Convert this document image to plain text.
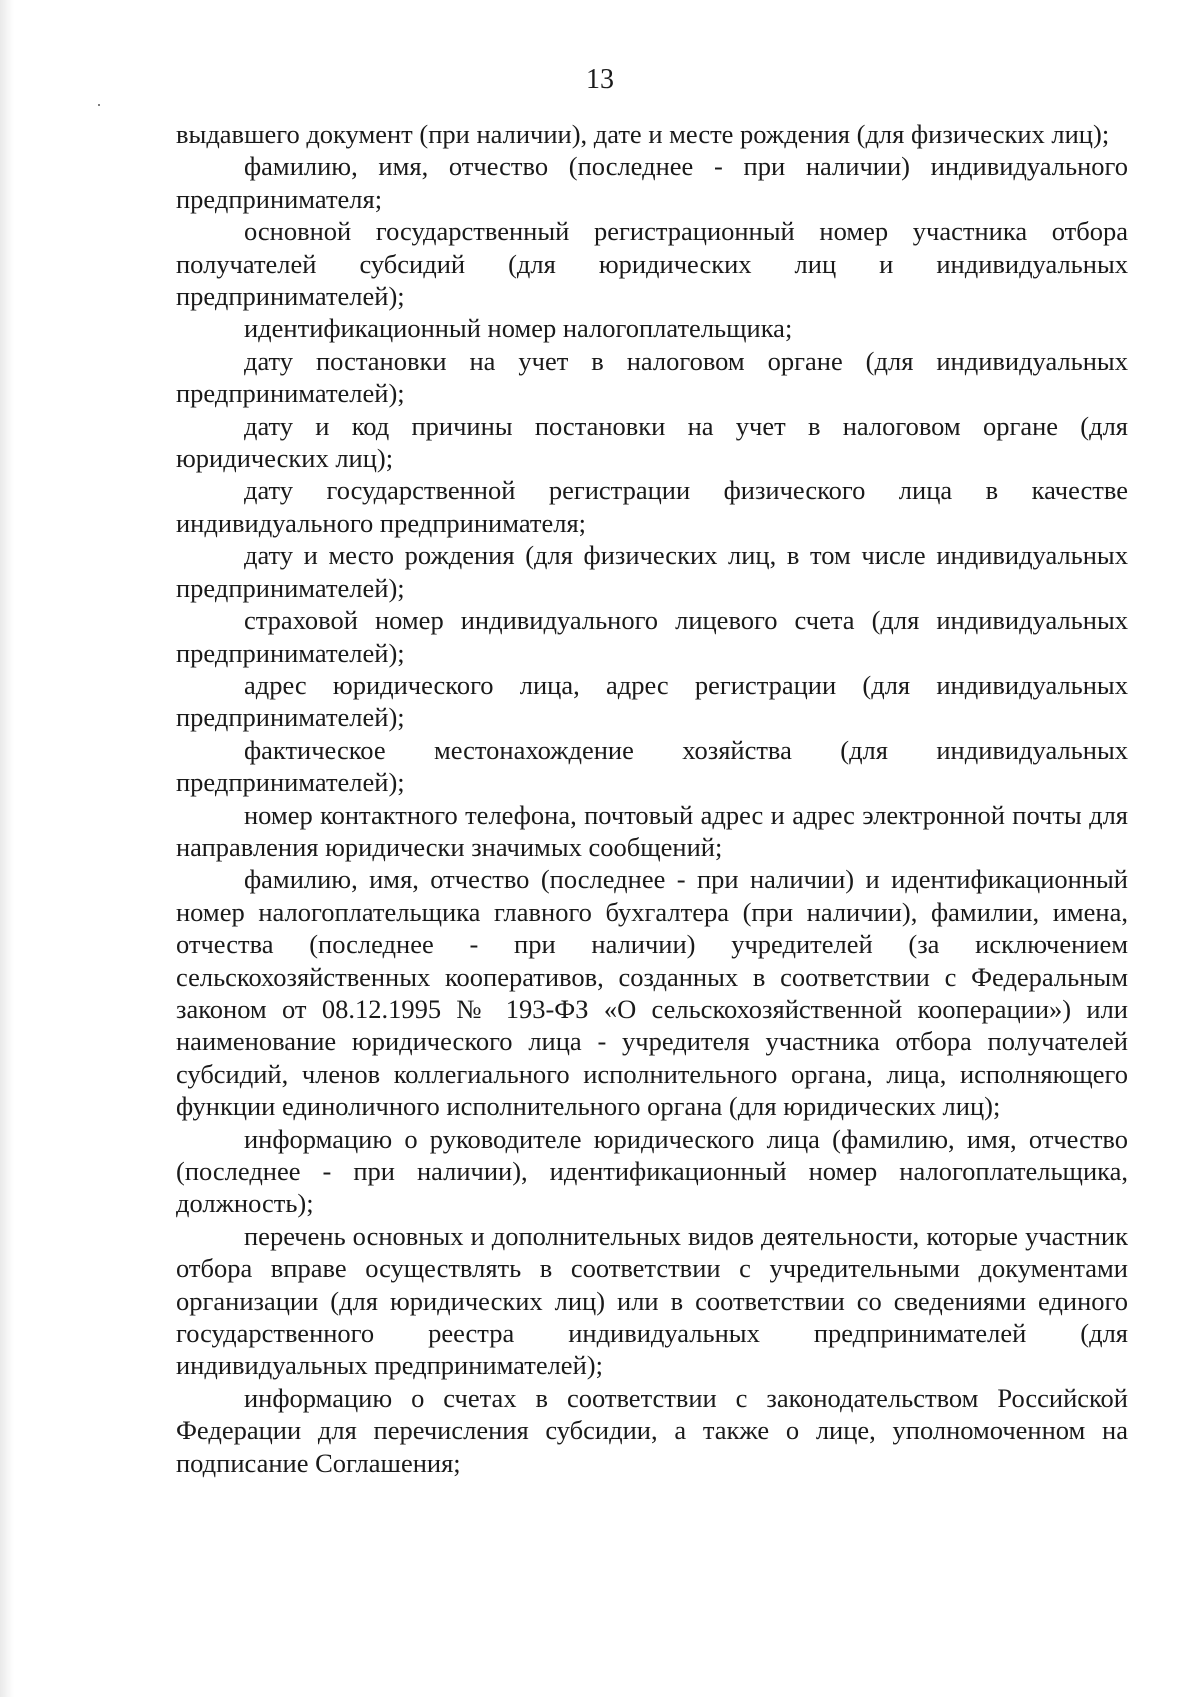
13

выдавшего документ (при наличии), дате и месте рождения (для физических лиц);

фамилию, имя, отчество (последнее - при наличии) индивидуального предпринимателя;

основной государственный регистрационный номер участника отбора получателей субсидий (для юридических лиц и индивидуальных предпринимателей);

идентификационный номер налогоплательщика;

дату постановки на учет в налоговом органе (для индивидуальных предпринимателей);

дату и код причины постановки на учет в налоговом органе (для юридических лиц);

дату государственной регистрации физического лица в качестве индивидуального предпринимателя;

дату и место рождения (для физических лиц, в том числе индивидуальных предпринимателей);

страховой номер индивидуального лицевого счета (для индивидуальных предпринимателей);

адрес юридического лица, адрес регистрации (для индивидуальных предпринимателей);

фактическое местонахождение хозяйства (для индивидуальных предпринимателей);

номер контактного телефона, почтовый адрес и адрес электронной почты для направления юридически значимых сообщений;

фамилию, имя, отчество (последнее - при наличии) и идентификационный номер налогоплательщика главного бухгалтера (при наличии), фамилии, имена, отчества (последнее - при наличии) учредителей (за исключением сельскохозяйственных кооперативов, созданных в соответствии с Федеральным законом от 08.12.1995 № 193-ФЗ «О сельскохозяйственной кооперации») или наименование юридического лица - учредителя участника отбора получателей субсидий, членов коллегиального исполнительного органа, лица, исполняющего функции единоличного исполнительного органа (для юридических лиц);

информацию о руководителе юридического лица (фамилию, имя, отчество (последнее - при наличии), идентификационный номер налогоплательщика, должность);

перечень основных и дополнительных видов деятельности, которые участник отбора вправе осуществлять в соответствии с учредительными документами организации (для юридических лиц) или в соответствии со сведениями единого государственного реестра индивидуальных предпринимателей (для индивидуальных предпринимателей);

информацию о счетах в соответствии с законодательством Российской Федерации для перечисления субсидии, а также о лице, уполномоченном на подписание Соглашения;
